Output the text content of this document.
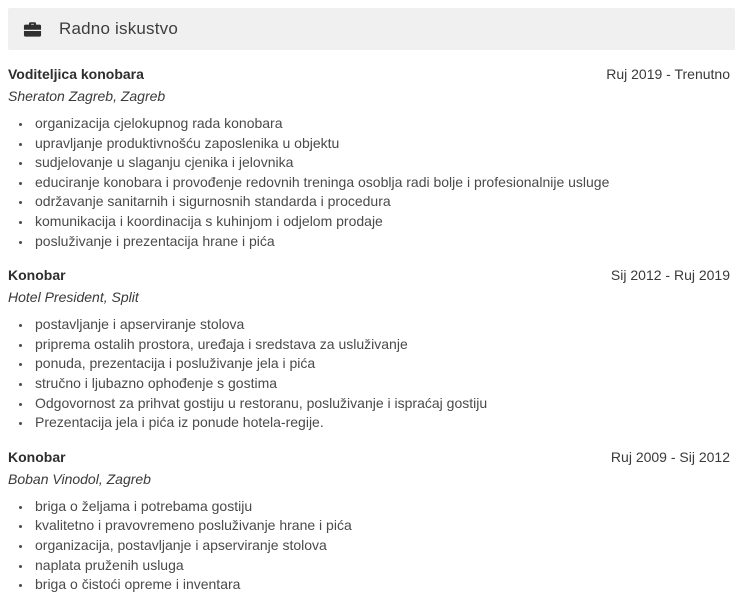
Radno iskustvo
Voditeljica konobara
Sheraton Zagreb, Zagreb
Ruj 2019 - Trenutno
• organizacija cjelokupnog rada konobara
• upravljanje produktivnošću zaposlenika u objektu
• sudjelovanje u slaganju cjenika i jelovnika
• educiranje konobara i provođenje redovnih treninga osoblja radi bolje i profesionalnije usluge
• održavanje sanitarnih i sigurnosnih standarda i procedura
• komunikacija i koordinacija s kuhinjom i odjelom prodaje
• posluživanje i prezentacija hrane i pića
Konobar
Hotel President, Split
Sij 2012 - Ruj 2019
• postavljanje i apserviranje stolova
• priprema ostalih prostora, uređaja i sredstava za usluživanje
• ponuda, prezentacija i posluživanje jela i pića
• stručno i ljubazno ophođenje s gostima
• Odgovornost za prihvat gostiju u restoranu, posluživanje i ispraćaj gostiju
• Prezentacija jela i pića iz ponude hotela-regije.
Konobar
Boban Vinodol, Zagreb
Ruj 2009 - Sij 2012
• briga o željama i potrebama gostiju
• kvalitetno i pravovremeno posluživanje hrane i pića
• organizacija, postavljanje i apserviranje stolova
• naplata pruženih usluga
• briga o čistoći opreme i inventara
